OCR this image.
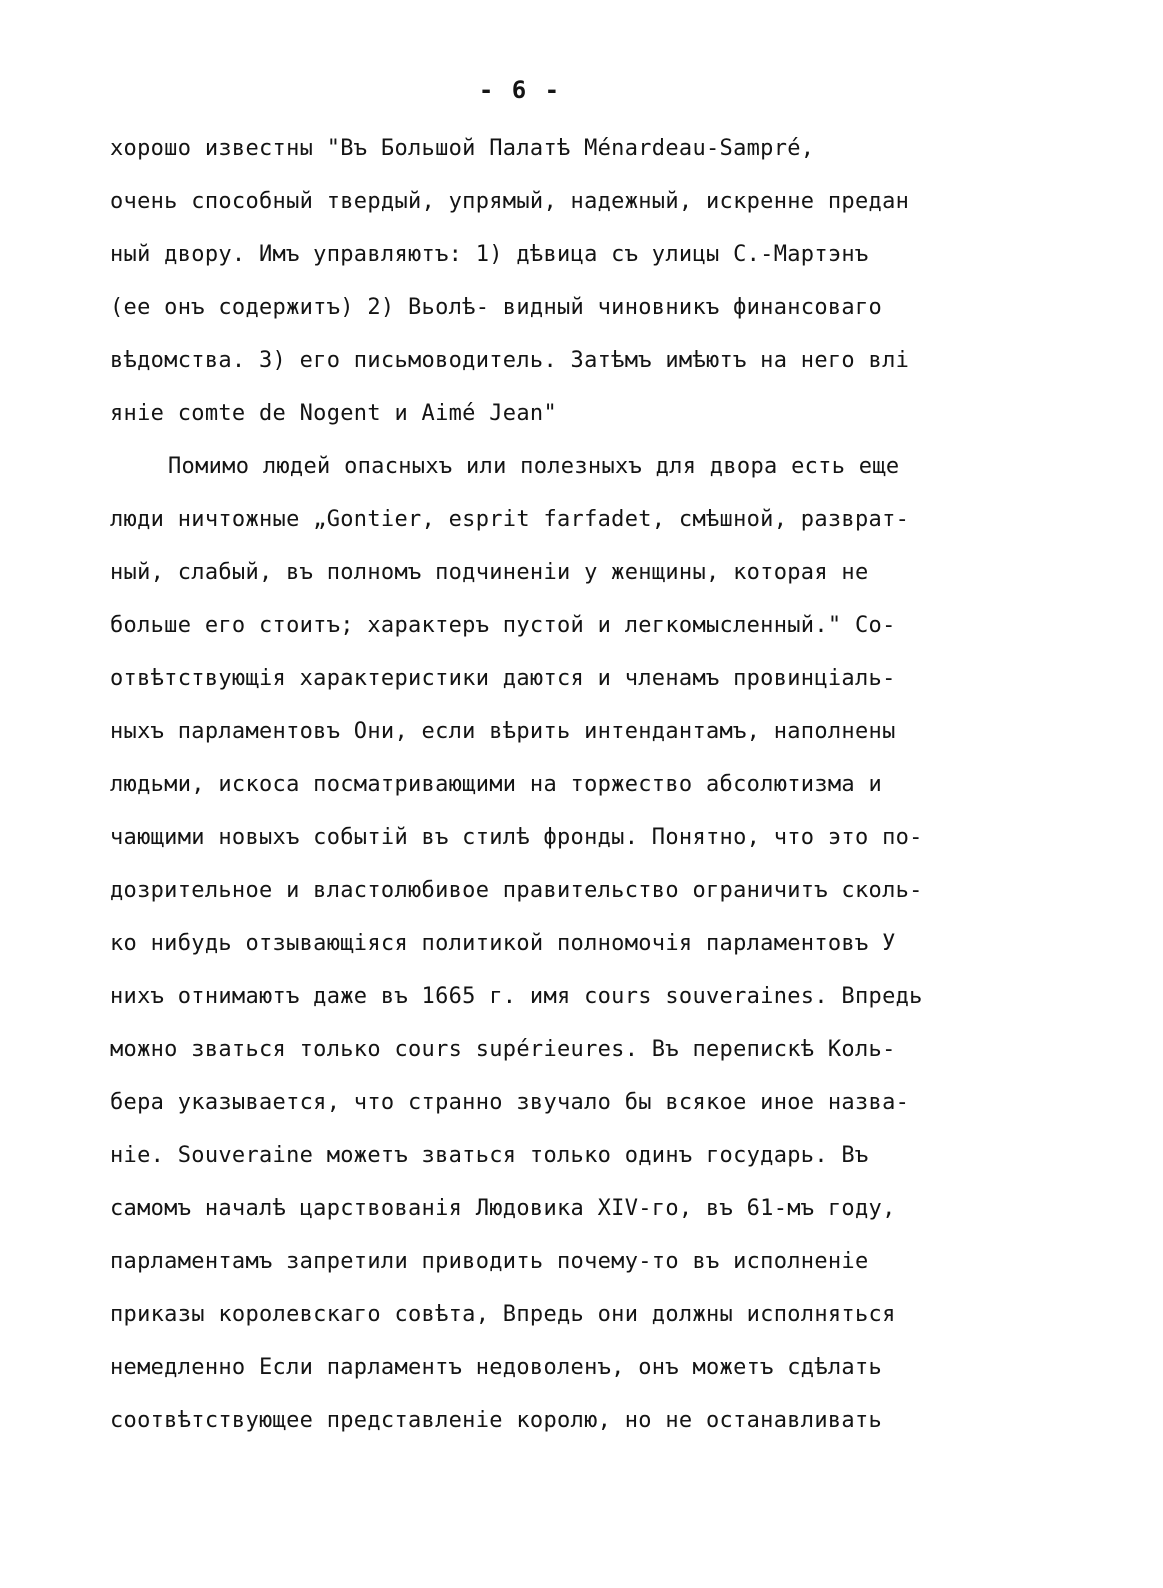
- 6 -
хорошо известны "Въ Большой Палатѣ Ménardeau-Sampré,
очень способный твердый, упрямый, надежный, искренне предан
ный двору. Имъ управляютъ: 1) дѣвица съ улицы С.-Мартэнъ
(ее онъ содержитъ) 2) Вьолѣ- видный чиновникъ финансоваго
вѣдомства. 3) его письмоводитель. Затѣмъ имѣютъ на него влі
яніе comte de Nogent и Aimé Jean"
Помимо людей опасныхъ или полезныхъ для двора есть еще
люди ничтожные „Gontier, esprit farfadet, смѣшной, разврат-
ный, слабый, въ полномъ подчиненіи у женщины, которая не
больше его стоитъ; характеръ пустой и легкомысленный." Со-
отвѣтствующія характеристики даются и членамъ провинціаль-
ныхъ парламентовъ Они, если вѣрить интендантамъ, наполнены
людьми, искоса посматривающими на торжество абсолютизма и
чающими новыхъ событій въ стилѣ фронды. Понятно, что это по-
дозрительное и властолюбивое правительство ограничитъ сколь-
ко нибудь отзывающіяся политикой полномочія парламентовъ У
нихъ отнимаютъ даже въ 1665 г. имя cours souveraines. Впредь
можно зваться только cours supérieures. Въ перепискѣ Коль-
бера указывается, что странно звучало бы всякое иное назва-
ніе. Souveraine можетъ зваться только одинъ государь. Въ
самомъ началѣ царствованія Людовика XIV-го, въ 61-мъ году,
парламентамъ запретили приводить почему-то въ исполненіе
приказы королевскаго совѣта, Впредь они должны исполняться
немедленно Если парламентъ недоволенъ, онъ можетъ сдѣлать
соотвѣтствующее представленіе королю, но не останавливать
